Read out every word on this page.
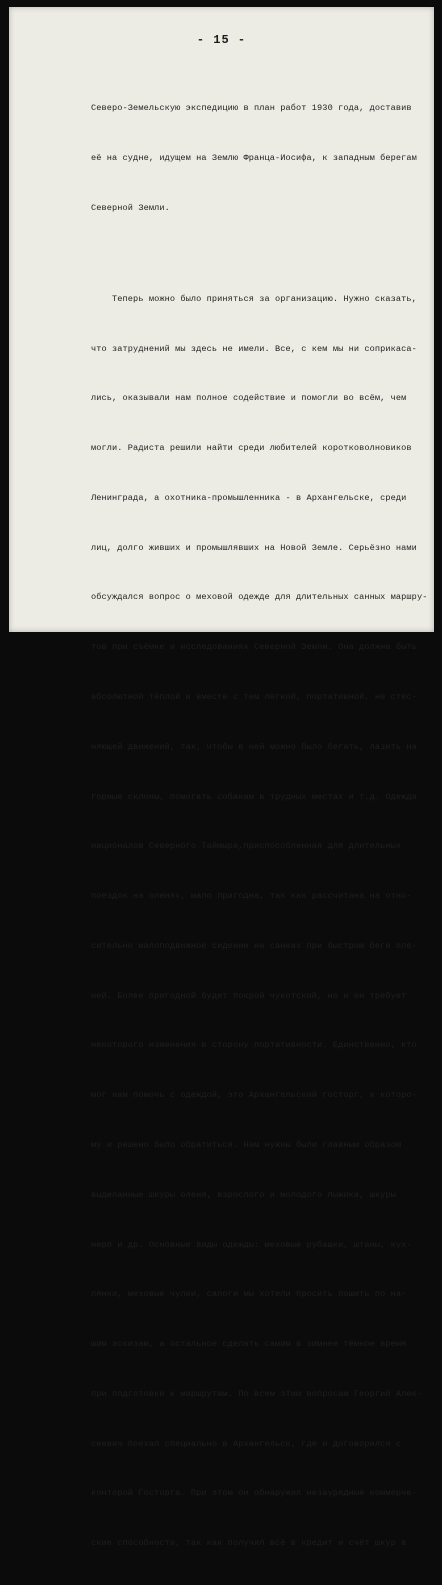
- 15 -

Северо-Земельскую экспедицию в план работ 1930 года, доставив

её на судне, идущем на Землю Франца-Иосифа, к западным берегам

Северной Земли.

Теперь можно было приняться за организацию. Нужно сказать,

что затруднений мы здесь не имели. Все, с кем мы ни соприкаса-

лись, оказывали нам полное содействие и помогли во всём, чем

могли. Радиста решили найти среди любителей коротковолновиков

Ленинграда, а охотника-промышленника - в Архангельске, среди

лиц, долго живших и промышлявших на Новой Земле. Серьёзно нами

обсуждался вопрос о меховой одежде для длительных санных маршру-

тов при съёмке и исследованиях Северной Земли. Она должна быть

абсолютной тёплой и вместе с тем лёгкой, портативной, не стес-

няющей движений, так, чтобы в ней можно было бегать, лазить на

горные склоны, помогать собакам в трудных местах и т.д. Одежда

националов Северного Таймыра,приспособленная для длительных

поездок на оленях, мало пригодна, так как рассчитана на отно-

сительно малоподвижное сидение на санках при быстром беге оле-

ней. Более пригодной будет покрой чукотский, но и он требует

некоторого изменения в сторону портативности. Единственно, кто

мог нам помочь с одеждой, это Архангельский госторг, к которо-

му и решено было обратиться. Нам нужны были главным образом

выделанные шкуры оленя, взрослого и молодого пыжика, шкуры

нерп и др. Основные виды одежды: меховые рубашки, штаны, кух-

лянки, меховые чулки, сапоги мы хотели просить пошить по на-

шим эскизам, а остальное сделать самим в зимнее тёмное время

при подготовке к маршрутам. По всем этим вопросам Георгий Алек-

сеевич поехал специально в Архангельск, где и договорился с

конторой Госторга. При этом он обнаружил незаурядные коммерче-

ские способности, так как получил всё в кредит и счёт шкур в
